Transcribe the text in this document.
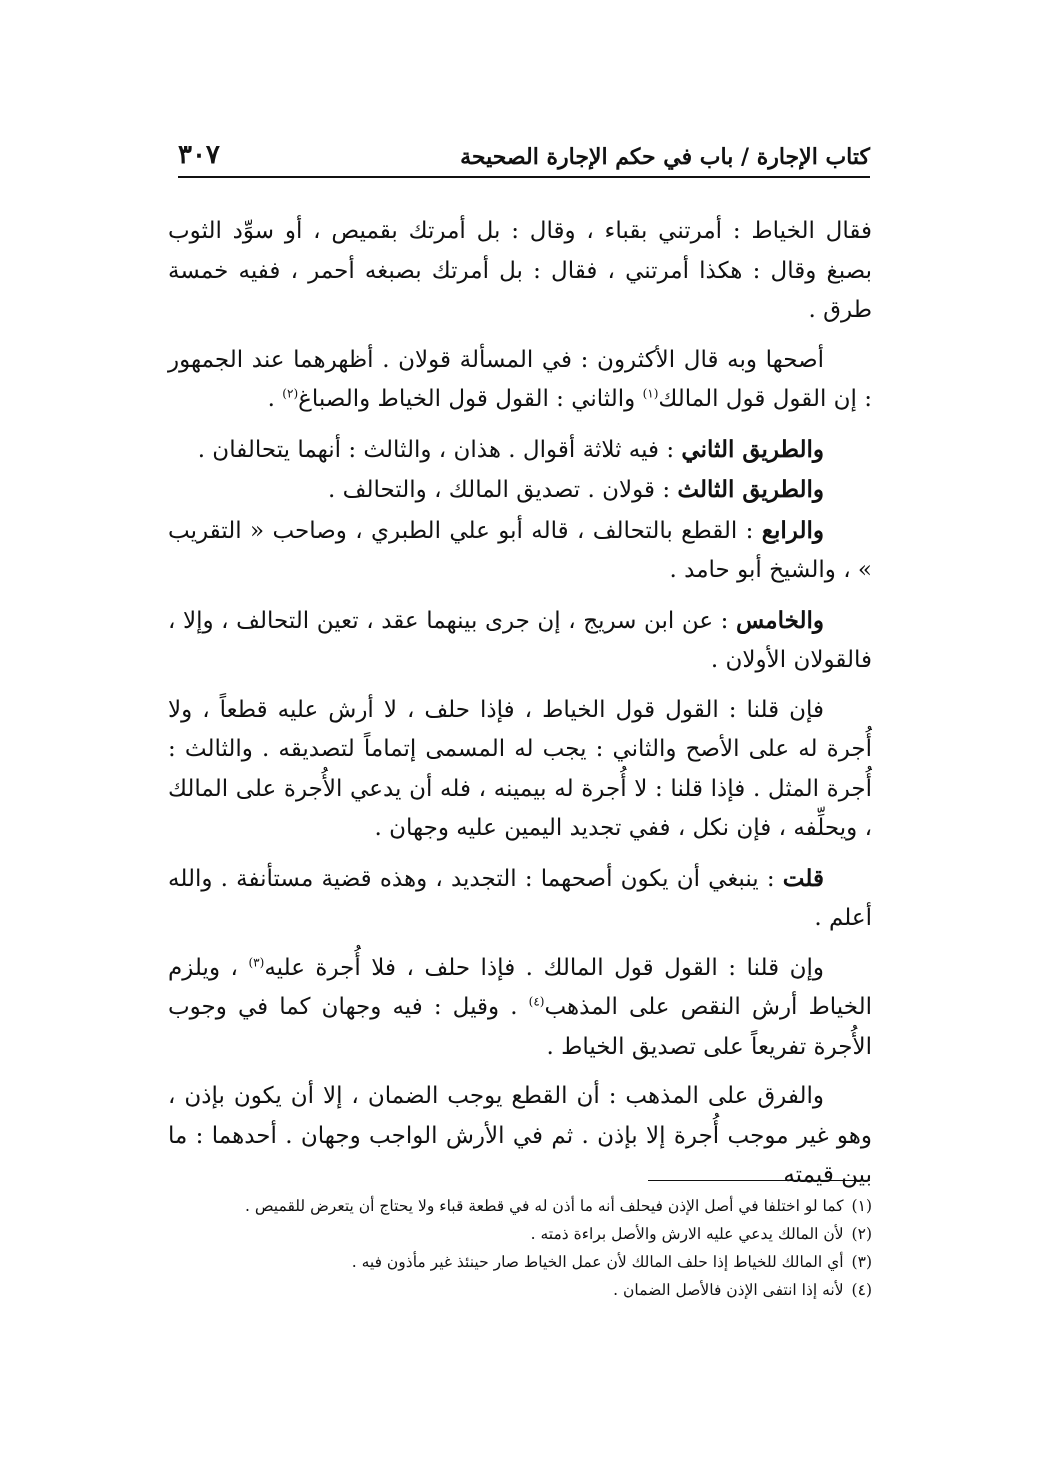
كتاب الإجارة / باب في حكم الإجارة الصحيحة
٣٠٧

فقال الخياط : أمرتني بقباء ، وقال : بل أمرتك بقميص ، أو سوِّد الثوب بصبغ وقال : هكذا أمرتني ، فقال : بل أمرتك بصبغه أحمر ، ففيه خمسة طرق .

أصحها وبه قال الأكثرون : في المسألة قولان . أظهرهما عند الجمهور : إن القول قول المالك$^{(١)}$ والثاني : القول قول الخياط والصباغ$^{(٢)}$ .

والطريق الثاني : فيه ثلاثة أقوال . هذان ، والثالث : أنهما يتحالفان .

والطريق الثالث : قولان . تصديق المالك ، والتحالف .

والرابع : القطع بالتحالف ، قاله أبو علي الطبري ، وصاحب « التقريب » ، والشيخ أبو حامد .

والخامس : عن ابن سريج ، إن جرى بينهما عقد ، تعين التحالف ، وإلا ، فالقولان الأولان .

فإن قلنا : القول قول الخياط ، فإذا حلف ، لا أرش عليه قطعاً ، ولا أُجرة له على الأصح والثاني : يجب له المسمى إتماماً لتصديقه . والثالث : أُجرة المثل . فإذا قلنا : لا أُجرة له بيمينه ، فله أن يدعي الأُجرة على المالك ، ويحلِّفه ، فإن نكل ، ففي تجديد اليمين عليه وجهان .

قلت : ينبغي أن يكون أصحهما : التجديد ، وهذه قضية مستأنفة . والله أعلم .

وإن قلنا : القول قول المالك . فإذا حلف ، فلا أُجرة عليه$^{(٣)}$ ، ويلزم الخياط أرش النقص على المذهب$^{(٤)}$ . وقيل : فيه وجهان كما في وجوب الأُجرة تفريعاً على تصديق الخياط .

والفرق على المذهب : أن القطع يوجب الضمان ، إلا أن يكون بإذن ، وهو غير موجب أُجرة إلا بإذن . ثم في الأرش الواجب وجهان . أحدهما : ما بين قيمته

(١)كما لو اختلفا في أصل الإذن فيحلف أنه ما أذن له في قطعة قباء ولا يحتاج أن يتعرض للقميص .
(٢)لأن المالك يدعي عليه الارش والأصل براءة ذمته .
(٣)أي المالك للخياط إذا حلف المالك لأن عمل الخياط صار حينئذ غير مأذون فيه .
(٤)لأنه إذا انتفى الإذن فالأصل الضمان .
